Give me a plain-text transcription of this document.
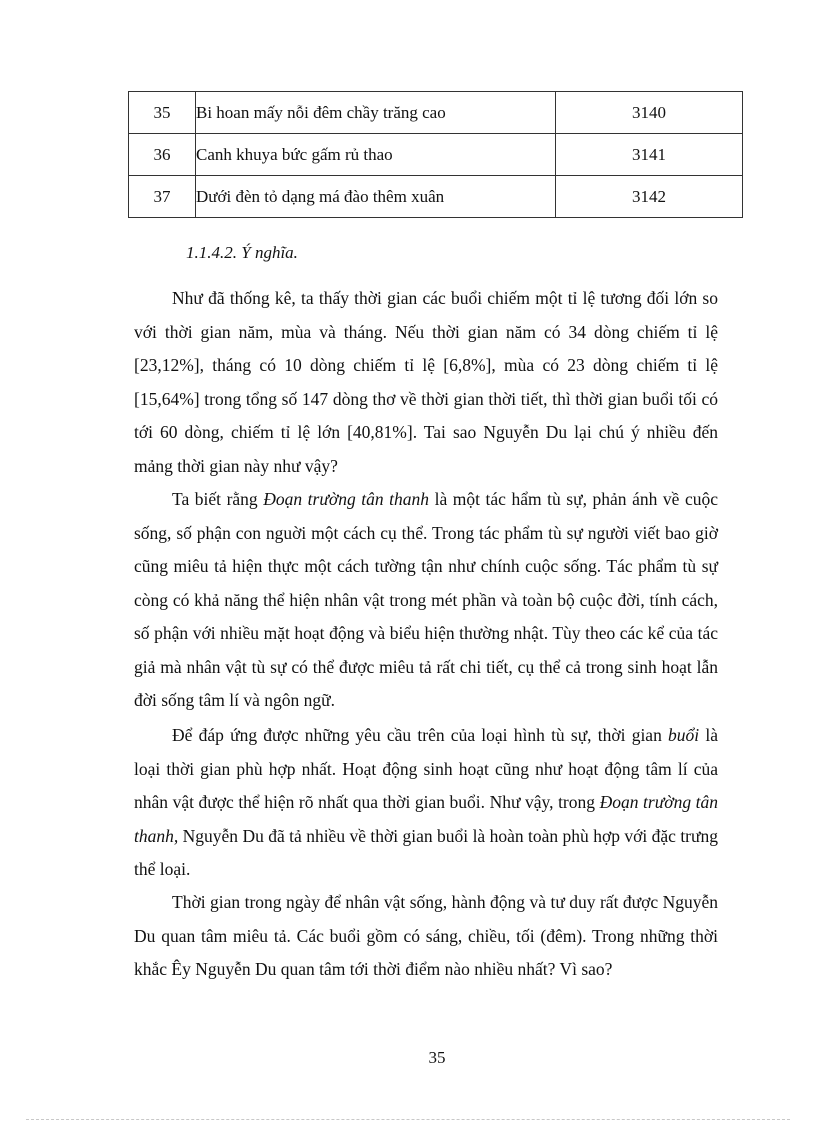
35	Bi hoan mấy nỗi đêm chầy trăng cao	3140
36	Canh khuya bức gấm rủ thao	3141
37	Dưới đèn tỏ dạng má đào thêm xuân	3142
1.1.4.2. Ý nghĩa.

Như đã thống kê, ta thấy thời gian các buổi chiếm một tỉ lệ tương đối lớn so với thời gian năm, mùa và tháng. Nếu thời gian năm có 34 dòng chiếm tỉ lệ [23,12%], tháng có 10 dòng chiếm tỉ lệ [6,8%], mùa có 23 dòng chiếm tỉ lệ [15,64%] trong tổng số 147 dòng thơ về thời gian thời tiết, thì thời gian buổi tối có tới 60 dòng, chiếm tỉ lệ lớn [40,81%]. Tai sao Nguyễn Du lại chú ý nhiều đến mảng thời gian này như vậy?

Ta biết rằng Đoạn trường tân thanh là một tác hẩm tù sự, phản ánh về cuộc sống, số phận con nguời một cách cụ thể. Trong tác phẩm tù sự người viết bao giờ cũng miêu tả hiện thực một cách tường tận như chính cuộc sống. Tác phẩm tù sự còng có khả năng thể hiện nhân vật trong mét phần và toàn bộ cuộc đời, tính cách, số phận với nhiều mặt hoạt động và biểu hiện thường nhật. Tùy theo các kể của tác giả mà nhân vật tù sự có thể được miêu tả rất chi tiết, cụ thể cả trong sinh hoạt lẫn đời sống tâm lí và ngôn ngữ.

Để đáp ứng được những yêu cầu trên của loại hình tù sự, thời gian buổi là loại thời gian phù hợp nhất. Hoạt động sinh hoạt cũng như hoạt động tâm lí của nhân vật được thể hiện rõ nhất qua thời gian buổi. Như vậy, trong Đoạn trường tân thanh, Nguyễn Du đã tả nhiều về thời gian buổi là hoàn toàn phù hợp với đặc trưng thể loại.

Thời gian trong ngày để nhân vật sống, hành động và tư duy rất được Nguyễn Du quan tâm miêu tả. Các buổi gồm có sáng, chiều, tối (đêm). Trong những thời khắc Êy Nguyễn Du quan tâm tới thời điểm nào nhiều nhất? Vì sao?

35
